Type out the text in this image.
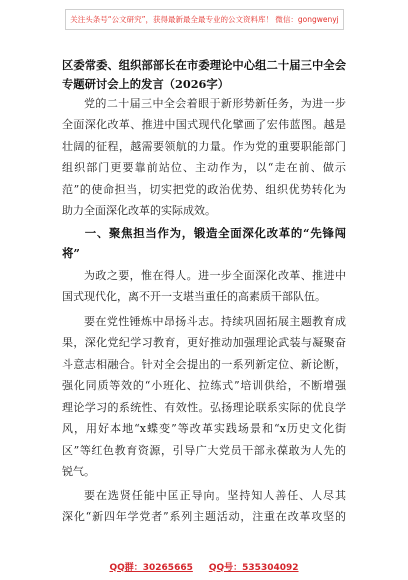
关注头条号“公文研究”，获得最新最全最专业的公文资料库！ 微信：gongwenyj
区委常委、组织部部长在市委理论中心组二十届三中全会
专题研讨会上的发言（2026字）
党的二十届三中全会着眼于新形势新任务，为进一步
全面深化改革、推进中国式现代化擘画了宏伟蓝图。越是
壮阔的征程，越需要领航的力量。作为党的重要职能部门
组织部门更要靠前站位、主动作为，以“走在前、做示
范”的使命担当，切实把党的政治优势、组织优势转化为
助力全面深化改革的实际成效。
一、聚焦担当作为，锻造全面深化改革的“先锋闯
将”
为政之要，惟在得人。进一步全面深化改革、推进中
国式现代化，离不开一支堪当重任的高素质干部队伍。
要在党性锤炼中昂扬斗志。持续巩固拓展主题教育成
果，深化党纪学习教育，更好推动加强理论武装与凝聚奋
斗意志相融合。针对全会提出的一系列新定位、新论断，
强化同质等效的“小班化、拉练式”培训供给，不断增强
理论学习的系统性、有效性。弘扬理论联系实际的优良学
风，用好本地“x蝶变”等改革实践场景和“x历史文化街
区”等红色教育资源，引导广大党员干部永葆敢为人先的
锐气。
要在选贤任能中匡正导向。坚持知人善任、人尽其
深化“新四年学党者”系列主题活动，注重在改革攻坚的
QQ群：30265665 QQ号：535304092
